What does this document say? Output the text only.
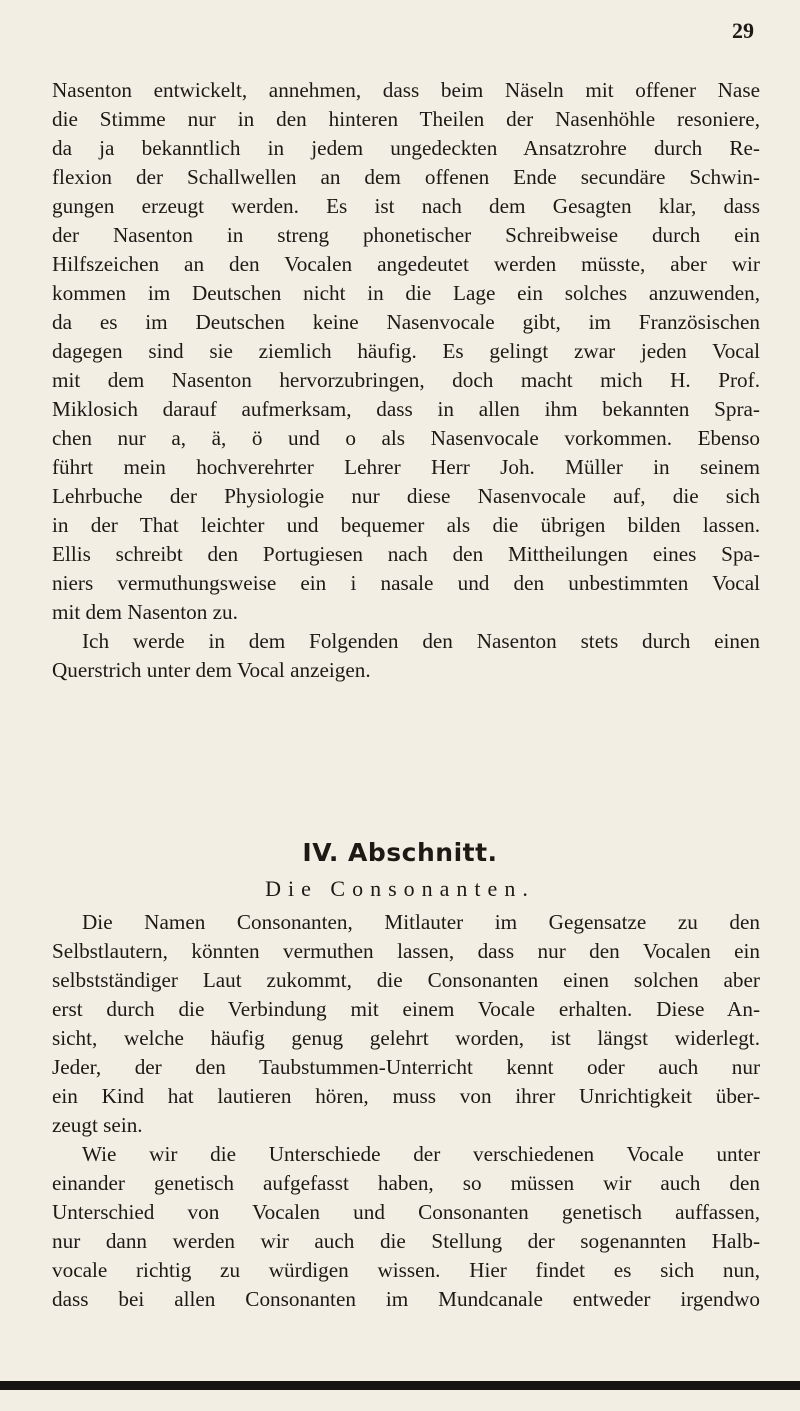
29
Nasenton entwickelt, annehmen, dass beim Näseln mit offener Nase
die Stimme nur in den hinteren Theilen der Nasenhöhle resoniere,
da ja bekanntlich in jedem ungedeckten Ansatzrohre durch Re-
flexion der Schallwellen an dem offenen Ende secundäre Schwin-
gungen erzeugt werden. Es ist nach dem Gesagten klar, dass
der Nasenton in streng phonetischer Schreibweise durch ein
Hilfszeichen an den Vocalen angedeutet werden müsste, aber wir
kommen im Deutschen nicht in die Lage ein solches anzuwenden,
da es im Deutschen keine Nasenvocale gibt, im Französischen
dagegen sind sie ziemlich häufig. Es gelingt zwar jeden Vocal
mit dem Nasenton hervorzubringen, doch macht mich H. Prof.
Miklosich darauf aufmerksam, dass in allen ihm bekannten Spra-
chen nur a, ä, ö und o als Nasenvocale vorkommen. Ebenso
führt mein hochverehrter Lehrer Herr Joh. Müller in seinem
Lehrbuche der Physiologie nur diese Nasenvocale auf, die sich
in der That leichter und bequemer als die übrigen bilden lassen.
Ellis schreibt den Portugiesen nach den Mittheilungen eines Spa-
niers vermuthungsweise ein i nasale und den unbestimmten Vocal
mit dem Nasenton zu.
Ich werde in dem Folgenden den Nasenton stets durch einen
Querstrich unter dem Vocal anzeigen.
IV. Abschnitt.
Die Consonanten.
Die Namen Consonanten, Mitlauter im Gegensatze zu den
Selbstlautern, könnten vermuthen lassen, dass nur den Vocalen ein
selbstständiger Laut zukommt, die Consonanten einen solchen aber
erst durch die Verbindung mit einem Vocale erhalten. Diese An-
sicht, welche häufig genug gelehrt worden, ist längst widerlegt.
Jeder, der den Taubstummen-Unterricht kennt oder auch nur
ein Kind hat lautieren hören, muss von ihrer Unrichtigkeit über-
zeugt sein.
Wie wir die Unterschiede der verschiedenen Vocale unter
einander genetisch aufgefasst haben, so müssen wir auch den
Unterschied von Vocalen und Consonanten genetisch auffassen,
nur dann werden wir auch die Stellung der sogenannten Halb-
vocale richtig zu würdigen wissen. Hier findet es sich nun,
dass bei allen Consonanten im Mundcanale entweder irgendwo
